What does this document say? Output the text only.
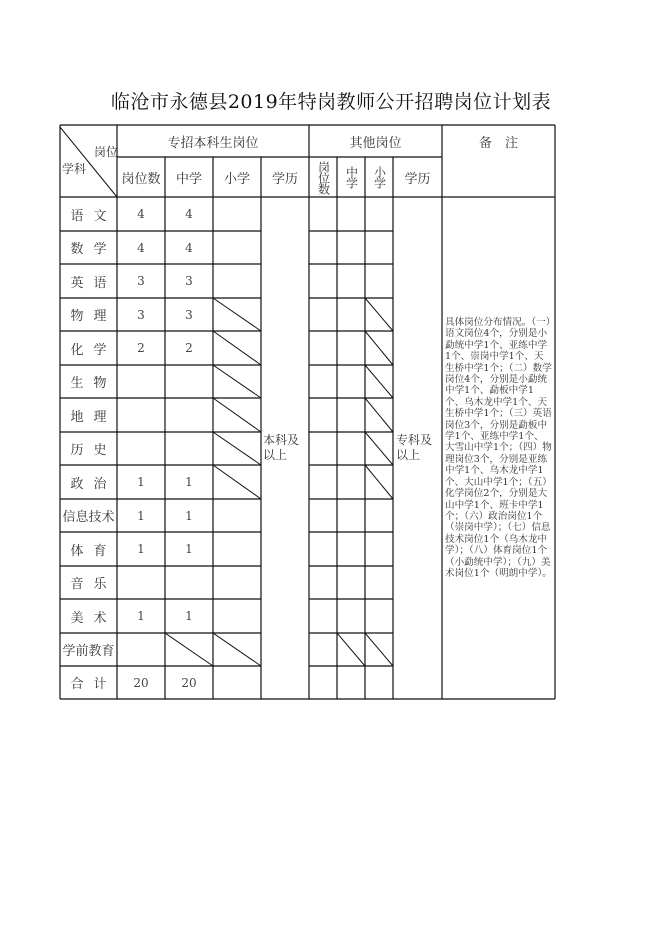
临沧市永德县2019年特岗教师公开招聘岗位计划表
岗位
学科
专招本科生岗位	其他岗位	备　注
岗位数	中学	小学	学历	岗位数	中学	小学	学历
语文	4	4
数学	4	4
英语	3	3
物理	3	3
化学	2	2
生物
地理
历史
政治	1	1
信息技术	1	1
体育	1	1
音乐
美术	1	1
学前教育
合计	20	20
本科及以上
专科及以上
具体岗位分布情况。（一）语文岗位4个，分别是小勐统中学1个、亚练中学1个、崇岗中学1个、天生桥中学1个；（二）数学岗位4个，分别是小勐统中学1个、勐板中学1个、乌木龙中学1个、天生桥中学1个；（三）英语岗位3个，分别是勐板中学1个、亚练中学1个、大雪山中学1个；（四）物理岗位3个，分别是亚练中学1个、乌木龙中学1个、大山中学1个；（五）化学岗位2个，分别是大山中学1个、班卡中学1个；（六）政治岗位1个（崇岗中学）；（七）信息技术岗位1个（乌木龙中学）；（八）体育岗位1个（小勐统中学）；（九）美术岗位1个（明朗中学）。
